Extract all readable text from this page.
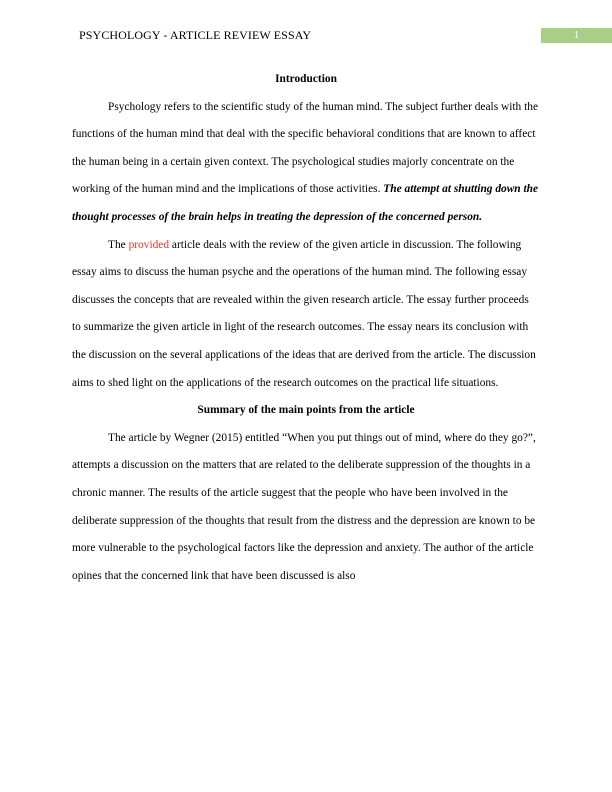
PSYCHOLOGY - ARTICLE REVIEW ESSAY	1

Introduction

Psychology refers to the scientific study of the human mind. The subject further deals with the functions of the human mind that deal with the specific behavioral conditions that are known to affect the human being in a certain given context. The psychological studies majorly concentrate on the working of the human mind and the implications of those activities. The attempt at shutting down the thought processes of the brain helps in treating the depression of the concerned person.

The provided article deals with the review of the given article in discussion. The following essay aims to discuss the human psyche and the operations of the human mind. The following essay discusses the concepts that are revealed within the given research article. The essay further proceeds to summarize the given article in light of the research outcomes. The essay nears its conclusion with the discussion on the several applications of the ideas that are derived from the article. The discussion aims to shed light on the applications of the research outcomes on the practical life situations.

Summary of the main points from the article

The article by Wegner (2015) entitled “When you put things out of mind, where do they go?”, attempts a discussion on the matters that are related to the deliberate suppression of the thoughts in a chronic manner. The results of the article suggest that the people who have been involved in the deliberate suppression of the thoughts that result from the distress and the depression are known to be more vulnerable to the psychological factors like the depression and anxiety. The author of the article opines that the concerned link that have been discussed is also
